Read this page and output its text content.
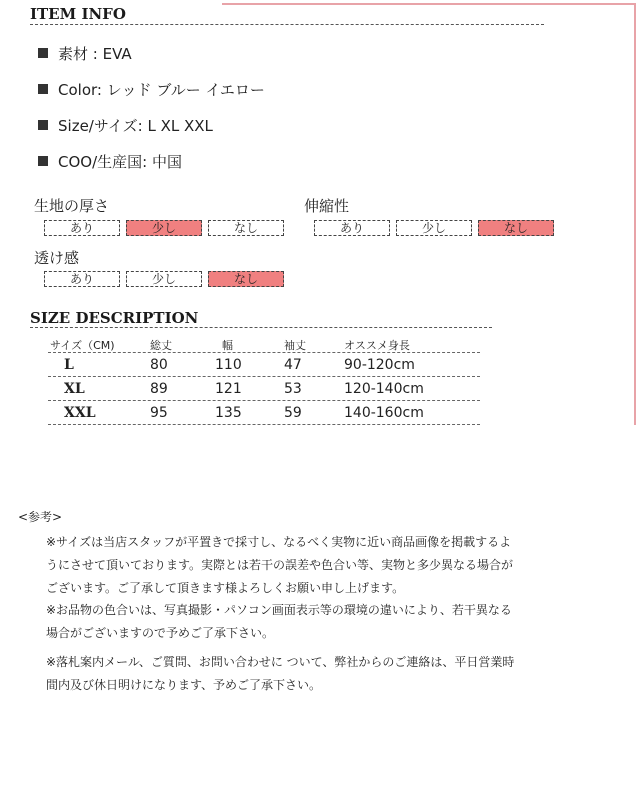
ITEM INFO
素材 : EVA
Color: レッド ブルー イエロー
Size/サイズ: L XL XXL
COO/生産国: 中国
生地の厚さ	伸縮性
透け感
あり	少し	なし	あり	少し	なし
あり	少し	なし
SIZE DESCRIPTION
サイズ（CM)	総丈	幅	袖丈	オススメ身長
L	80	110	47	90-120cm
XL	89	121	53	120-140cm
XXL	95	135	59	140-160cm
<参考>
※サイズは当店スタッフが平置きで採寸し、なるべく実物に近い商品画像を掲載するよ
うにさせて頂いております。実際とは若干の誤差や色合い等、実物と多少異なる場合が
ございます。ご了承して頂きます様よろしくお願い申し上げます。
※お品物の色合いは、写真撮影・パソコン画面表示等の環境の違いにより、若干異なる
場合がございますので予めご了承下さい。
※落札案内メール、ご質問、お問い合わせに ついて、弊社からのご連絡は、平日営業時
間内及び休日明けになります、予めご了承下さい。
